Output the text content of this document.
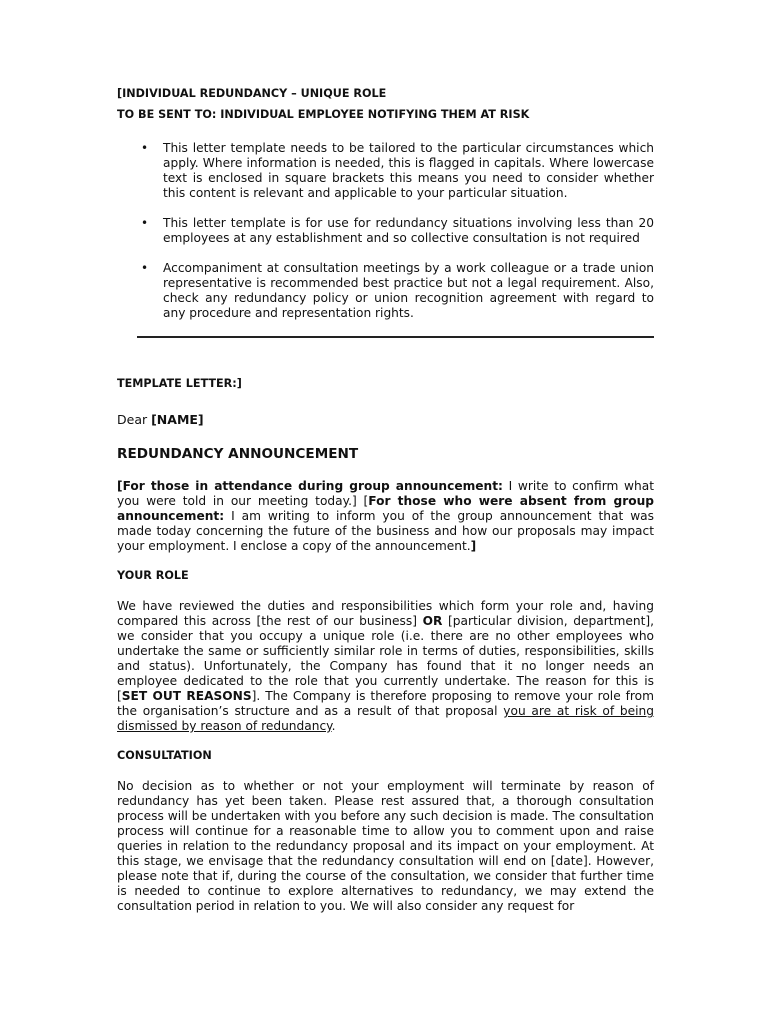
[INDIVIDUAL REDUNDANCY – UNIQUE ROLE

TO BE SENT TO: INDIVIDUAL EMPLOYEE NOTIFYING THEM AT RISK

• This letter template needs to be tailored to the particular circumstances which apply. Where information is needed, this is flagged in capitals. Where lowercase text is enclosed in square brackets this means you need to consider whether this content is relevant and applicable to your particular situation.
• This letter template is for use for redundancy situations involving less than 20 employees at any establishment and so collective consultation is not required
• Accompaniment at consultation meetings by a work colleague or a trade union representative is recommended best practice but not a legal requirement. Also, check any redundancy policy or union recognition agreement with regard to any procedure and representation rights.

TEMPLATE LETTER:]

Dear [NAME]

REDUNDANCY ANNOUNCEMENT

[For those in attendance during group announcement: I write to confirm what you were told in our meeting today.] [For those who were absent from group announcement: I am writing to inform you of the group announcement that was made today concerning the future of the business and how our proposals may impact your employment. I enclose a copy of the announcement.]

YOUR ROLE

We have reviewed the duties and responsibilities which form your role and, having compared this across [the rest of our business] OR [particular division, department], we consider that you occupy a unique role (i.e. there are no other employees who undertake the same or sufficiently similar role in terms of duties, responsibilities, skills and status). Unfortunately, the Company has found that it no longer needs an employee dedicated to the role that you currently undertake. The reason for this is [SET OUT REASONS]. The Company is therefore proposing to remove your role from the organisation’s structure and as a result of that proposal you are at risk of being dismissed by reason of redundancy.

CONSULTATION

No decision as to whether or not your employment will terminate by reason of redundancy has yet been taken. Please rest assured that, a thorough consultation process will be undertaken with you before any such decision is made. The consultation process will continue for a reasonable time to allow you to comment upon and raise queries in relation to the redundancy proposal and its impact on your employment. At this stage, we envisage that the redundancy consultation will end on [date]. However, please note that if, during the course of the consultation, we consider that further time is needed to continue to explore alternatives to redundancy, we may extend the consultation period in relation to you. We will also consider any request for
